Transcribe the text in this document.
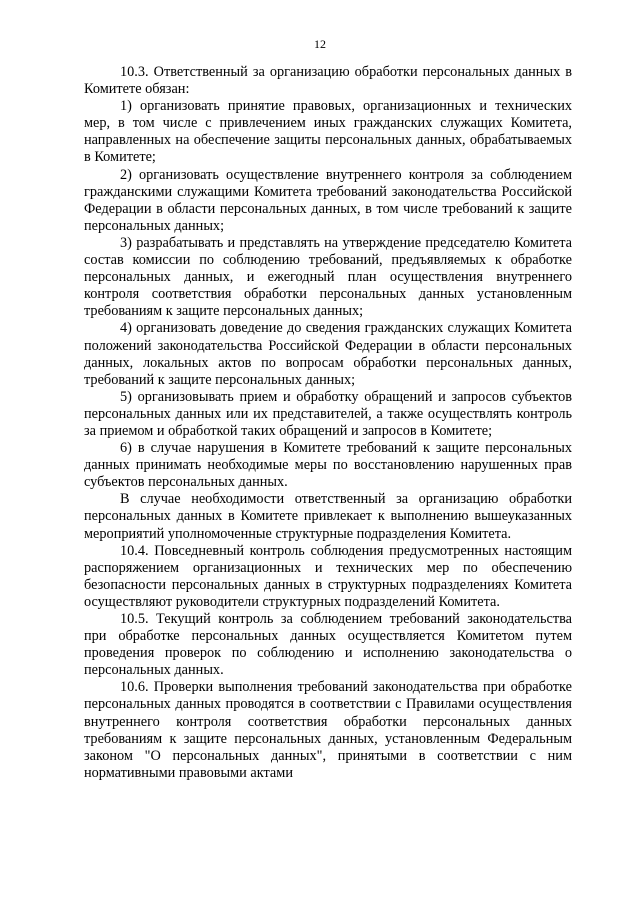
12

10.3. Ответственный за организацию обработки персональных данных в Комитете обязан:

1) организовать принятие правовых, организационных и технических мер, в том числе с привлечением иных гражданских служащих Комитета, направленных на обеспечение защиты персональных данных, обрабатываемых в Комитете;

2) организовать осуществление внутреннего контроля за соблюдением гражданскими служащими Комитета требований законодательства Российской Федерации в области персональных данных, в том числе требований к защите персональных данных;

3) разрабатывать и представлять на утверждение председателю Комитета состав комиссии по соблюдению требований, предъявляемых к обработке персональных данных, и ежегодный план осуществления внутреннего контроля соответствия обработки персональных данных установленным требованиям к защите персональных данных;

4) организовать доведение до сведения гражданских служащих Комитета положений законодательства Российской Федерации в области персональных данных, локальных актов по вопросам обработки персональных данных, требований к защите персональных данных;

5) организовывать прием и обработку обращений и запросов субъектов персональных данных или их представителей, а также осуществлять контроль за приемом и обработкой таких обращений и запросов в Комитете;

6) в случае нарушения в Комитете требований к защите персональных данных принимать необходимые меры по восстановлению нарушенных прав субъектов персональных данных.

В случае необходимости ответственный за организацию обработки персональных данных в Комитете привлекает к выполнению вышеуказанных мероприятий уполномоченные структурные подразделения Комитета.

10.4. Повседневный контроль соблюдения предусмотренных настоящим распоряжением организационных и технических мер по обеспечению безопасности персональных данных в структурных подразделениях Комитета осуществляют руководители структурных подразделений Комитета.

10.5. Текущий контроль за соблюдением требований законодательства при обработке персональных данных осуществляется Комитетом путем проведения проверок по соблюдению и исполнению законодательства о персональных данных.

10.6. Проверки выполнения требований законодательства при обработке персональных данных проводятся в соответствии с Правилами осуществления внутреннего контроля соответствия обработки персональных данных требованиям к защите персональных данных, установленным Федеральным законом "О персональных данных", принятыми в соответствии с ним нормативными правовыми актами
